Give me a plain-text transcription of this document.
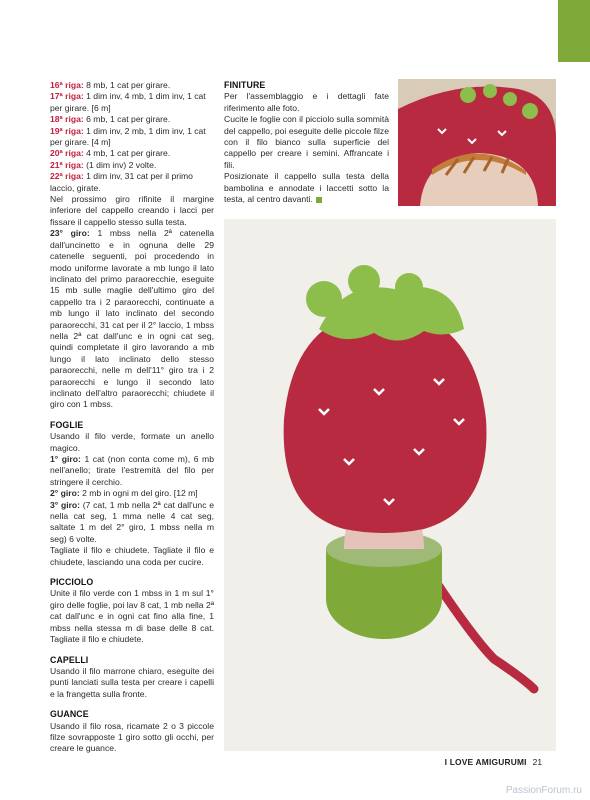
16ª riga: 8 mb, 1 cat per girare.

17ª riga: 1 dim inv, 4 mb, 1 dim inv, 1 cat per girare. [6 m]

18ª riga: 6 mb, 1 cat per girare.

19ª riga: 1 dim inv, 2 mb, 1 dim inv, 1 cat per girare. [4 m]

20ª riga: 4 mb, 1 cat per girare.

21ª riga: (1 dim inv) 2 volte.

22ª riga: 1 dim inv, 31 cat per il primo laccio, girate.

Nel prossimo giro rifinite il margine inferiore del cappello creando i lacci per fissare il cappello stesso sulla testa.

23° giro: 1 mbss nella 2ª catenella dall'uncinetto e in ognuna delle 29 catenelle seguenti, poi procedendo in modo uniforme lavorate a mb lungo il lato inclinato del primo paraorecchie, eseguite 15 mb sulle maglie dell'ultimo giro del cappello tra i 2 paraorecchi, continuate a mb lungo il lato inclinato del secondo paraorecchi, 31 cat per il 2° laccio, 1 mbss nella 2ª cat dall'unc e in ogni cat seg, quindi completate il giro lavorando a mb lungo il lato inclinato dello stesso paraorecchi, nelle m dell'11° giro tra i 2 paraorecchi e lungo il secondo lato inclinato dell'altro paraorecchi; chiudete il giro con 1 mbss.

FOGLIE

Usando il filo verde, formate un anello magico.

1° giro: 1 cat (non conta come m), 6 mb nell'anello; tirate l'estremità del filo per stringere il cerchio.

2° giro: 2 mb in ogni m del giro. [12 m]

3° giro: (7 cat, 1 mb nella 2ª cat dall'unc e nella cat seg, 1 mma nelle 4 cat seg, saltate 1 m del 2° giro, 1 mbss nella m seg) 6 volte.

Tagliate il filo e chiudete. Tagliate il filo e chiudete, lasciando una coda per cucire.

PICCIOLO

Unite il filo verde con 1 mbss in 1 m sul 1° giro delle foglie, poi lav 8 cat, 1 mb nella 2ª cat dall'unc e in ogni cat fino alla fine, 1 mbss nella stessa m di base delle 8 cat. Tagliate il filo e chiudete.

CAPELLI

Usando il filo marrone chiaro, eseguite dei punti lanciati sulla testa per creare i capelli e la frangetta sulla fronte.

GUANCE

Usando il filo rosa, ricamate 2 o 3 piccole filze sovrapposte 1 giro sotto gli occhi, per creare le guance.

FINITURE

Per l'assemblaggio e i dettagli fate riferimento alle foto.

Cucite le foglie con il picciolo sulla sommità del cappello, poi eseguite delle piccole filze con il filo bianco sulla superficie del cappello per creare i semini. Affrancate i fili.

Posizionate il cappello sulla testa della bambolina e annodate i laccetti sotto la testa, al centro davanti.

I LOVE AMIGURUMI 21
PassionForum.ru
